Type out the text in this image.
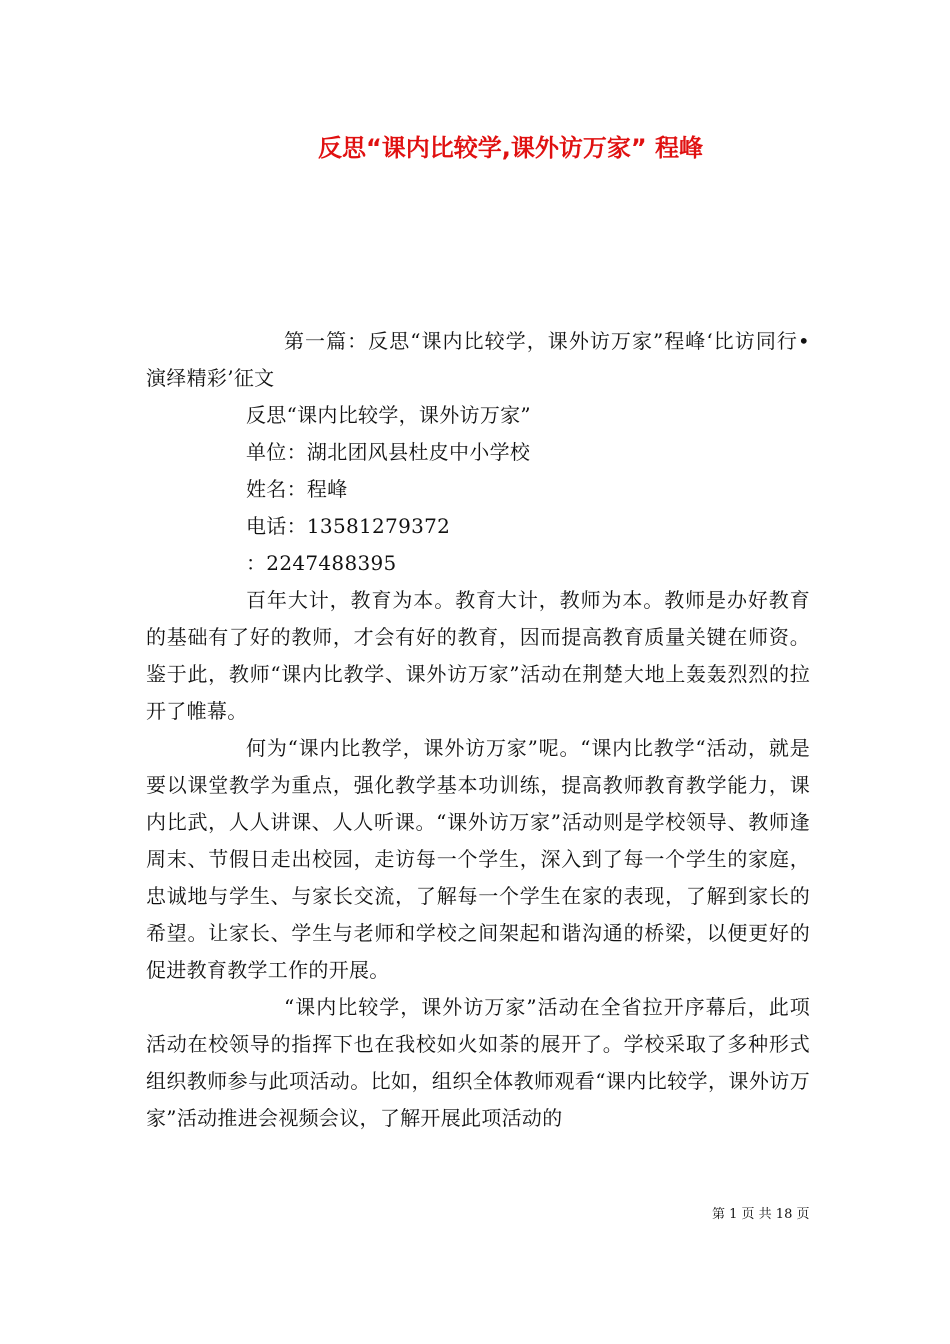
反思“课内比较学,课外访万家” 程峰

第一篇：反思“课内比较学，课外访万家”程峰‘比访同行•演绎精彩’征文

反思“课内比较学，课外访万家”

单位：湖北团风县杜皮中小学校

姓名：程峰

电话：13581279372

：2247488395

百年大计，教育为本。教育大计，教师为本。教师是办好教育的基础有了好的教师，才会有好的教育，因而提高教育质量关键在师资。鉴于此，教师“课内比教学、课外访万家”活动在荆楚大地上轰轰烈烈的拉开了帷幕。

何为“课内比教学，课外访万家”呢。“课内比教学“活动，就是要以课堂教学为重点，强化教学基本功训练，提高教师教育教学能力，课内比武，人人讲课、人人听课。“课外访万家”活动则是学校领导、教师逢周末、节假日走出校园，走访每一个学生，深入到了每一个学生的家庭，忠诚地与学生、与家长交流，了解每一个学生在家的表现，了解到家长的希望。让家长、学生与老师和学校之间架起和谐沟通的桥梁，以便更好的促进教育教学工作的开展。

“课内比较学，课外访万家”活动在全省拉开序幕后，此项活动在校领导的指挥下也在我校如火如荼的展开了。学校采取了多种形式组织教师参与此项活动。比如，组织全体教师观看“课内比较学，课外访万家”活动推进会视频会议，了解开展此项活动的

第 1 页 共 18 页
